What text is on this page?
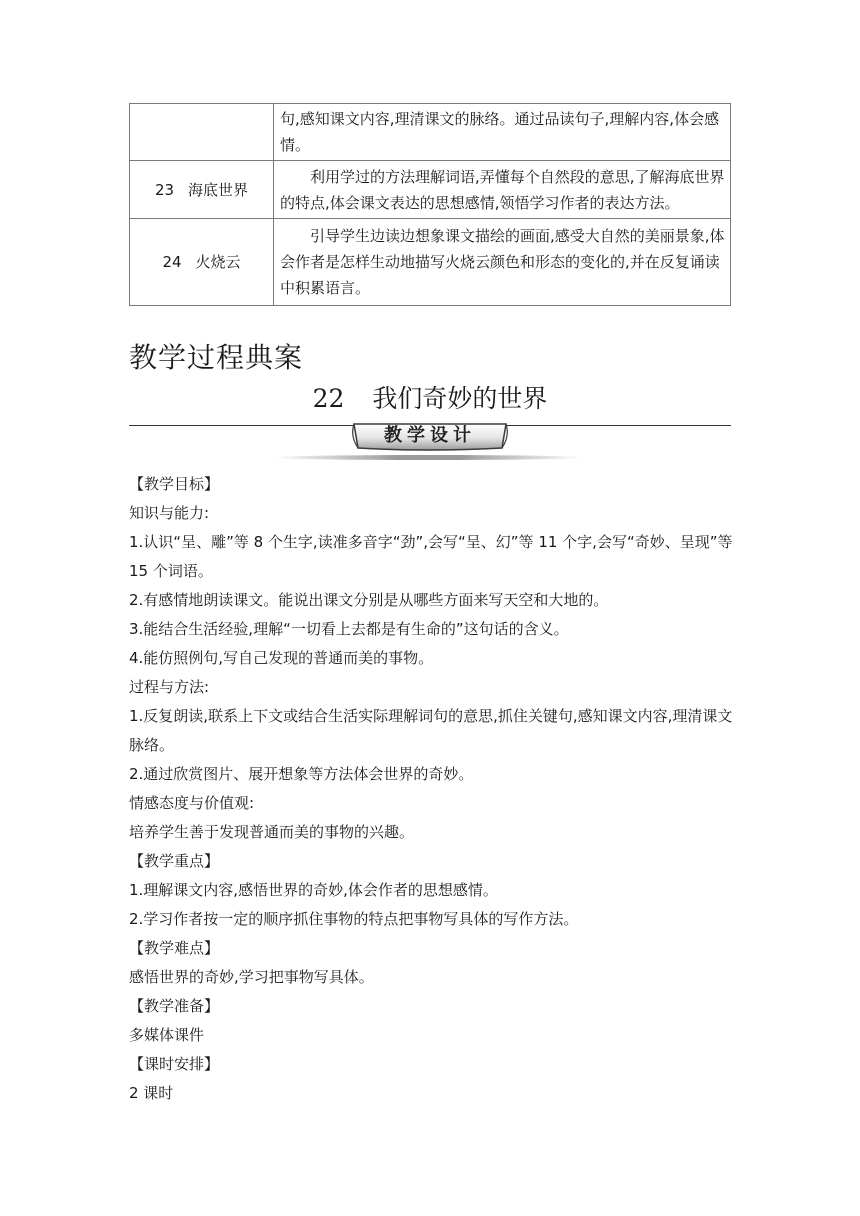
	句,感知课文内容,理清课文的脉络。通过品读句子,理解内容,体会感情。
23 海底世界	利用学过的方法理解词语,弄懂每个自然段的意思,了解海底世界的特点,体会课文表达的思想感情,领悟学习作者的表达方法。
24 火烧云	引导学生边读边想象课文描绘的画面,感受大自然的美丽景象,体会作者是怎样生动地描写火烧云颜色和形态的变化的,并在反复诵读中积累语言。
教学过程典案
22 我们奇妙的世界
教学设计

【教学目标】

知识与能力:

1.认识“呈、雕”等 8 个生字,读准多音字“劲”,会写“呈、幻”等 11 个字,会写“奇妙、呈现”等 15 个词语。

2.有感情地朗读课文。能说出课文分别是从哪些方面来写天空和大地的。

3.能结合生活经验,理解“一切看上去都是有生命的”这句话的含义。

4.能仿照例句,写自己发现的普通而美的事物。

过程与方法:

1.反复朗读,联系上下文或结合生活实际理解词句的意思,抓住关键句,感知课文内容,理清课文脉络。

2.通过欣赏图片、展开想象等方法体会世界的奇妙。

情感态度与价值观:

培养学生善于发现普通而美的事物的兴趣。

【教学重点】

1.理解课文内容,感悟世界的奇妙,体会作者的思想感情。

2.学习作者按一定的顺序抓住事物的特点把事物写具体的写作方法。

【教学难点】

感悟世界的奇妙,学习把事物写具体。

【教学准备】

多媒体课件

【课时安排】

2 课时
